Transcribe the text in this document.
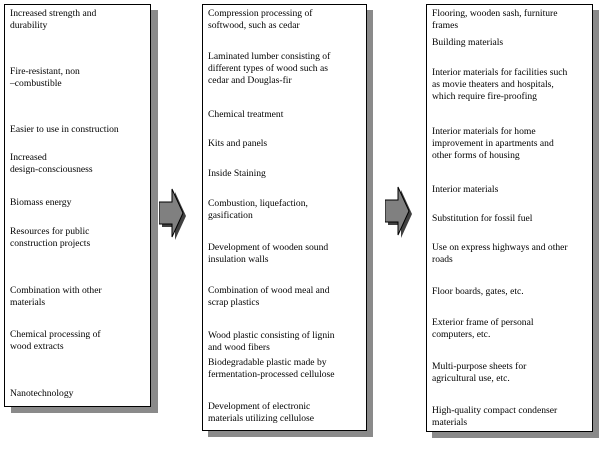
Increased strength and
durability
Fire-resistant, non
–combustible
Easier to use in construction
Increased
design-consciousness
Biomass energy
Resources for public
construction projects
Combination with other
materials
Chemical processing of
wood extracts
Nanotechnology
Compression processing of
softwood, such as cedar
Laminated lumber consisting of
different types of wood such as
cedar and Douglas-fir
Chemical treatment
Kits and panels
Inside Staining
Combustion, liquefaction,
gasification
Development of wooden sound
insulation walls
Combination of wood meal and
scrap plastics
Wood plastic consisting of lignin
and wood fibers
Biodegradable plastic made by
fermentation-processed cellulose
Development of electronic
materials utilizing cellulose
Flooring, wooden sash, furniture
frames
Building materials
Interior materials for facilities such
as movie theaters and hospitals,
which require fire-proofing
Interior materials for home
improvement in apartments and
other forms of housing
Interior materials
Substitution for fossil fuel
Use on express highways and other
roads
Floor boards, gates, etc.
Exterior frame of personal
computers, etc.
Multi-purpose sheets for
agricultural use, etc.
High-quality compact condenser
materials
